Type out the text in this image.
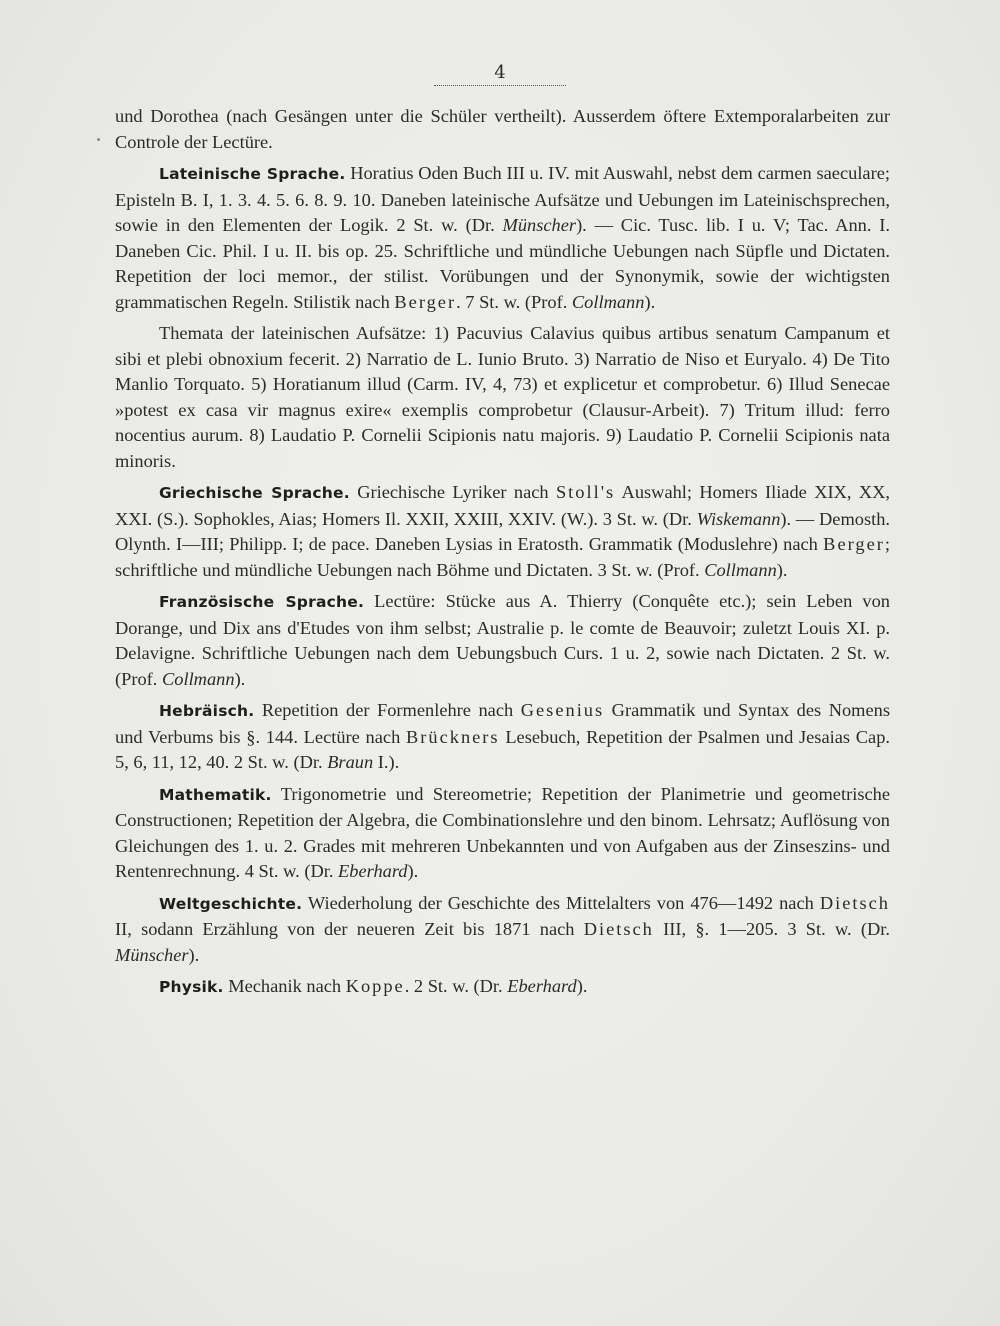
4

und Dorothea (nach Gesängen unter die Schüler vertheilt). Ausserdem öftere Extemporalarbeiten zur Controle der Lectüre.

Lateinische Sprache. Horatius Oden Buch III u. IV. mit Auswahl, nebst dem carmen saeculare; Episteln B. I, 1. 3. 4. 5. 6. 8. 9. 10. Daneben lateinische Aufsätze und Uebungen im Lateinischsprechen, sowie in den Elementen der Logik. 2 St. w. (Dr. Münscher). — Cic. Tusc. lib. I u. V; Tac. Ann. I. Daneben Cic. Phil. I u. II. bis op. 25. Schriftliche und mündliche Uebungen nach Süpfle und Dictaten. Repetition der loci memor., der stilist. Vorübungen und der Synonymik, sowie der wichtigsten grammatischen Regeln. Stilistik nach Berger. 7 St. w. (Prof. Collmann).

Themata der lateinischen Aufsätze: 1) Pacuvius Calavius quibus artibus senatum Campanum et sibi et plebi obnoxium fecerit. 2) Narratio de L. Iunio Bruto. 3) Narratio de Niso et Euryalo. 4) De Tito Manlio Torquato. 5) Horatianum illud (Carm. IV, 4, 73) et explicetur et comprobetur. 6) Illud Senecae »potest ex casa vir magnus exire« exemplis comprobetur (Clausur-Arbeit). 7) Tritum illud: ferro nocentius aurum. 8) Laudatio P. Cornelii Scipionis natu majoris. 9) Laudatio P. Cornelii Scipionis nata minoris.

Griechische Sprache. Griechische Lyriker nach Stoll's Auswahl; Homers Iliade XIX, XX, XXI. (S.). Sophokles, Aias; Homers Il. XXII, XXIII, XXIV. (W.). 3 St. w. (Dr. Wiskemann). — Demosth. Olynth. I—III; Philipp. I; de pace. Daneben Lysias in Eratosth. Grammatik (Moduslehre) nach Berger; schriftliche und mündliche Uebungen nach Böhme und Dictaten. 3 St. w. (Prof. Collmann).

Französische Sprache. Lectüre: Stücke aus A. Thierry (Conquête etc.); sein Leben von Dorange, und Dix ans d'Etudes von ihm selbst; Australie p. le comte de Beauvoir; zuletzt Louis XI. p. Delavigne. Schriftliche Uebungen nach dem Uebungsbuch Curs. 1 u. 2, sowie nach Dictaten. 2 St. w. (Prof. Collmann).

Hebräisch. Repetition der Formenlehre nach Gesenius Grammatik und Syntax des Nomens und Verbums bis §. 144. Lectüre nach Brückners Lesebuch, Repetition der Psalmen und Jesaias Cap. 5, 6, 11, 12, 40. 2 St. w. (Dr. Braun I.).

Mathematik. Trigonometrie und Stereometrie; Repetition der Planimetrie und geometrische Constructionen; Repetition der Algebra, die Combinationslehre und den binom. Lehrsatz; Auflösung von Gleichungen des 1. u. 2. Grades mit mehreren Unbekannten und von Aufgaben aus der Zinseszins- und Rentenrechnung. 4 St. w. (Dr. Eberhard).

Weltgeschichte. Wiederholung der Geschichte des Mittelalters von 476—1492 nach Dietsch II, sodann Erzählung von der neueren Zeit bis 1871 nach Dietsch III, §. 1—205. 3 St. w. (Dr. Münscher).

Physik. Mechanik nach Koppe. 2 St. w. (Dr. Eberhard).
